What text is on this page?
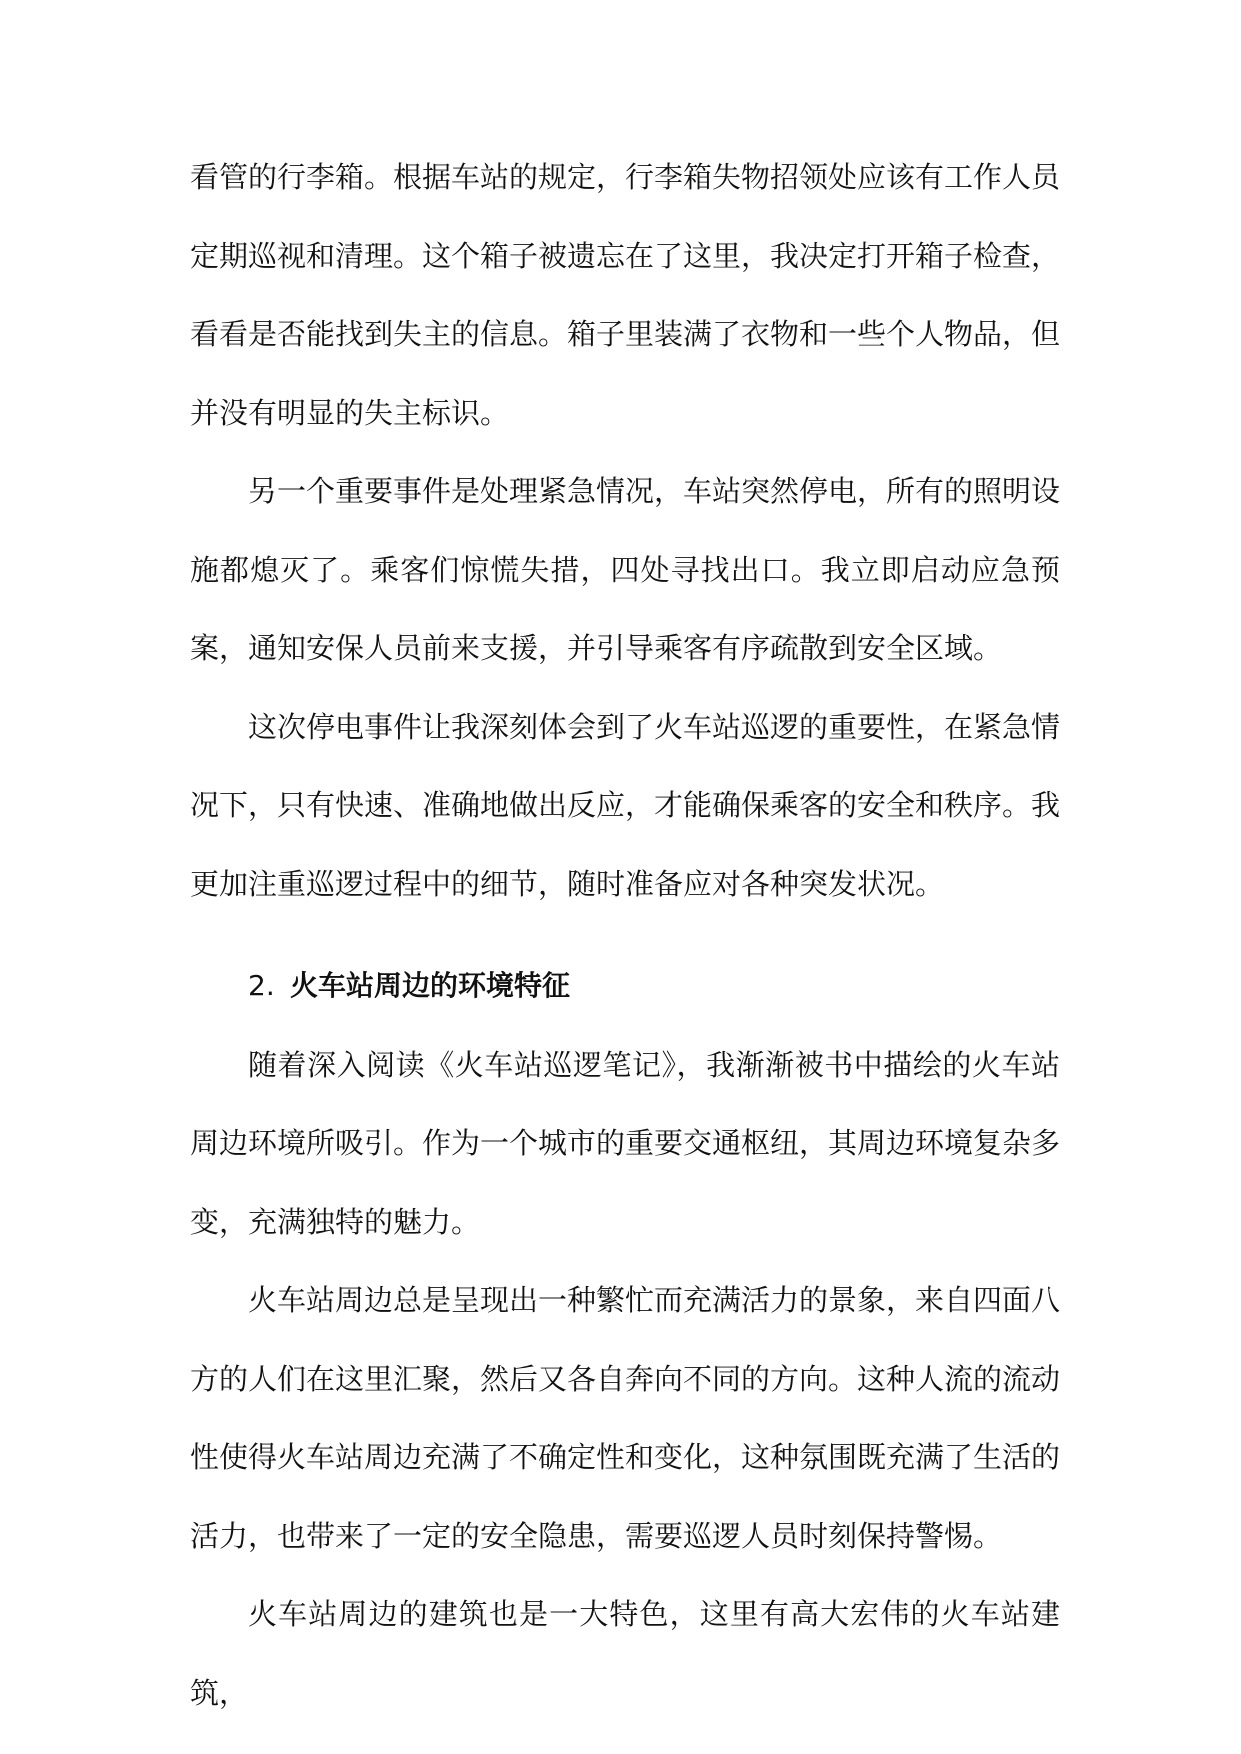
看管的行李箱。根据车站的规定，行李箱失物招领处应该有工作人员定期巡视和清理。这个箱子被遗忘在了这里，我决定打开箱子检查，看看是否能找到失主的信息。箱子里装满了衣物和一些个人物品，但并没有明显的失主标识。

另一个重要事件是处理紧急情况，车站突然停电，所有的照明设施都熄灭了。乘客们惊慌失措，四处寻找出口。我立即启动应急预案，通知安保人员前来支援，并引导乘客有序疏散到安全区域。

这次停电事件让我深刻体会到了火车站巡逻的重要性，在紧急情况下，只有快速、准确地做出反应，才能确保乘客的安全和秩序。我更加注重巡逻过程中的细节，随时准备应对各种突发状况。

2. 火车站周边的环境特征

随着深入阅读《火车站巡逻笔记》，我渐渐被书中描绘的火车站周边环境所吸引。作为一个城市的重要交通枢纽，其周边环境复杂多变，充满独特的魅力。

火车站周边总是呈现出一种繁忙而充满活力的景象，来自四面八方的人们在这里汇聚，然后又各自奔向不同的方向。这种人流的流动性使得火车站周边充满了不确定性和变化，这种氛围既充满了生活的活力，也带来了一定的安全隐患，需要巡逻人员时刻保持警惕。

火车站周边的建筑也是一大特色，这里有高大宏伟的火车站建筑，
